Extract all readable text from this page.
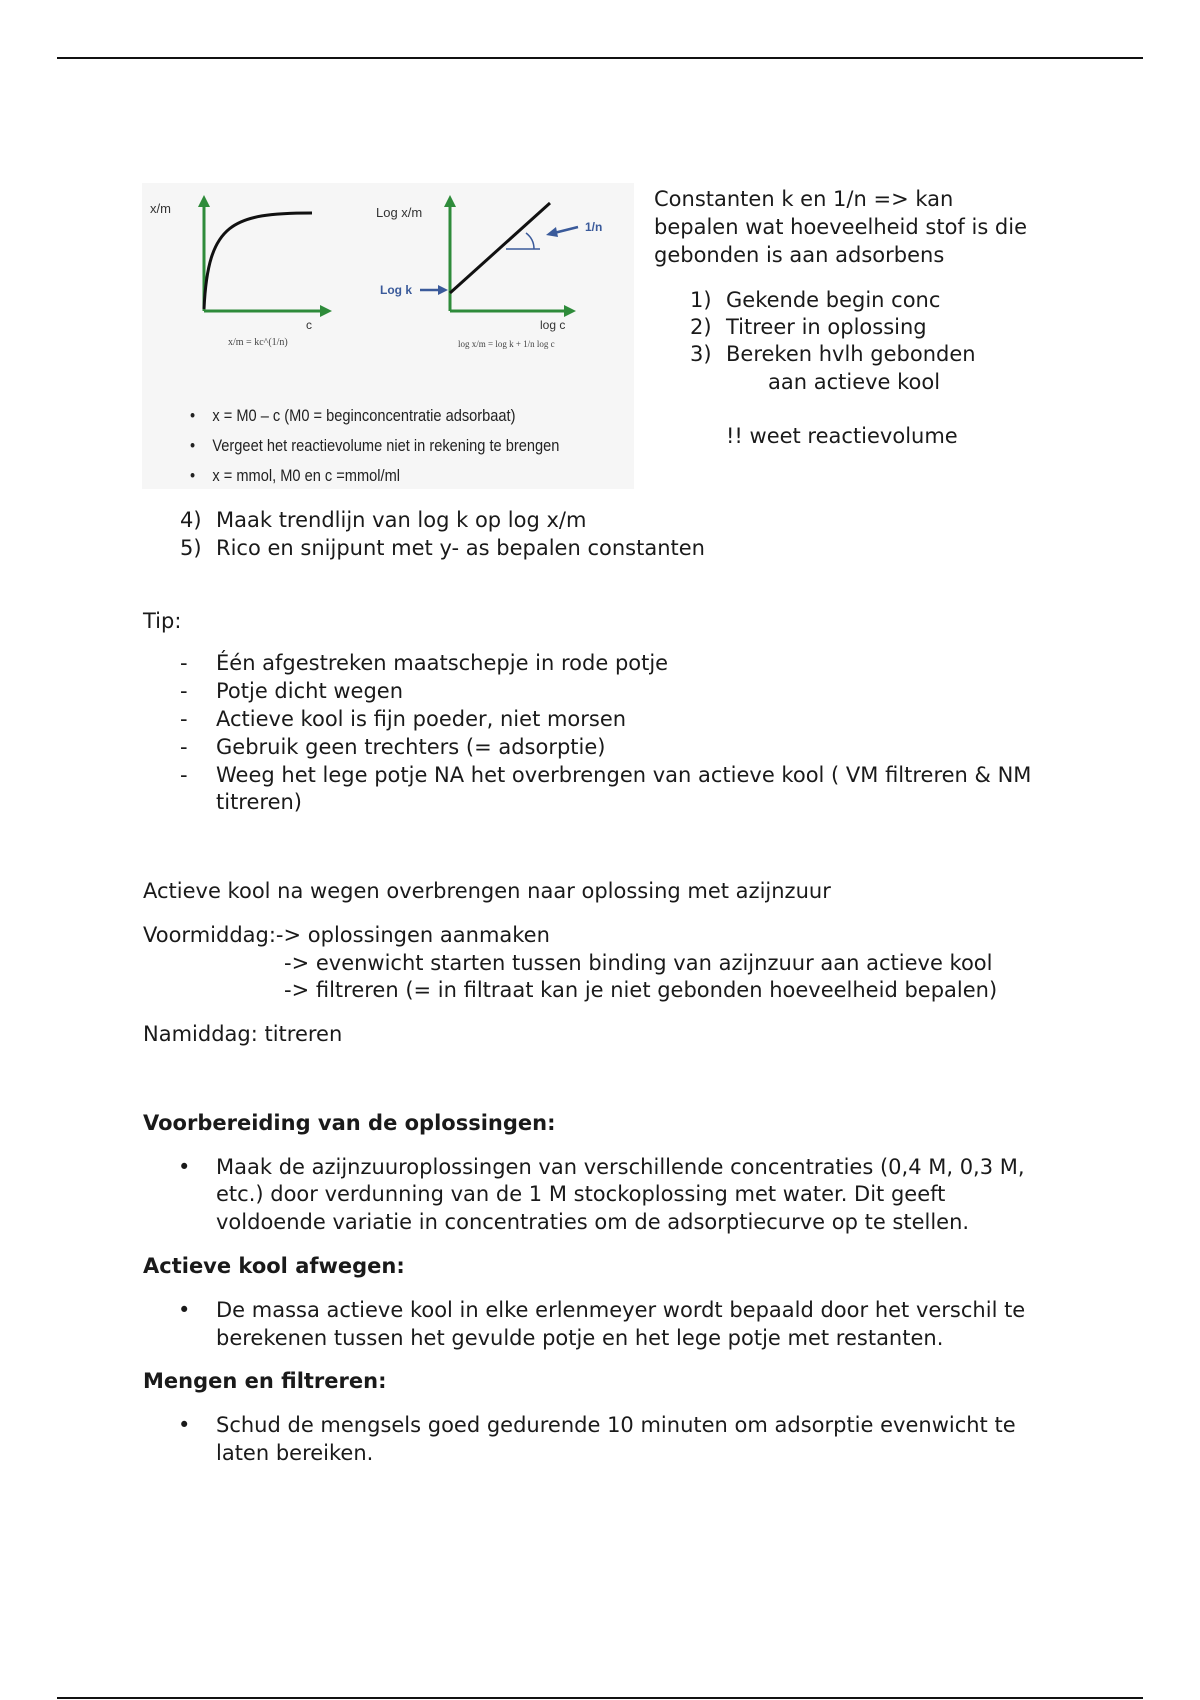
x/m
c
x/m = kc^(1/n)
Log x/m
1/n
Log k
log c
log x/m = log k + 1/n log c
• x = M0 – c (M0 = beginconcentratie adsorbaat)
• Vergeet het reactievolume niet in rekening te brengen
• x = mmol, M0 en c =mmol/ml
Constanten k en 1/n => kan
bepalen wat hoeveelheid stof is die
gebonden is aan adsorbens
1) Gekende begin conc
2) Titreer in oplossing
3) Bereken hvlh gebonden
aan actieve kool
!! weet reactievolume
4) Maak trendlijn van log k op log x/m
5) Rico en snijpunt met y- as bepalen constanten
Tip:
- Één afgestreken maatschepje in rode potje
- Potje dicht wegen
- Actieve kool is fijn poeder, niet morsen
- Gebruik geen trechters (= adsorptie)
- Weeg het lege potje NA het overbrengen van actieve kool ( VM filtreren & NM
titreren)
Actieve kool na wegen overbrengen naar oplossing met azijnzuur
Voormiddag:-> oplossingen aanmaken
-> evenwicht starten tussen binding van azijnzuur aan actieve kool
-> filtreren (= in filtraat kan je niet gebonden hoeveelheid bepalen)
Namiddag: titreren
Voorbereiding van de oplossingen:
• Maak de azijnzuuroplossingen van verschillende concentraties (0,4 M, 0,3 M,
etc.) door verdunning van de 1 M stockoplossing met water. Dit geeft
voldoende variatie in concentraties om de adsorptiecurve op te stellen.
Actieve kool afwegen:
• De massa actieve kool in elke erlenmeyer wordt bepaald door het verschil te
berekenen tussen het gevulde potje en het lege potje met restanten.
Mengen en filtreren:
• Schud de mengsels goed gedurende 10 minuten om adsorptie evenwicht te
laten bereiken.
